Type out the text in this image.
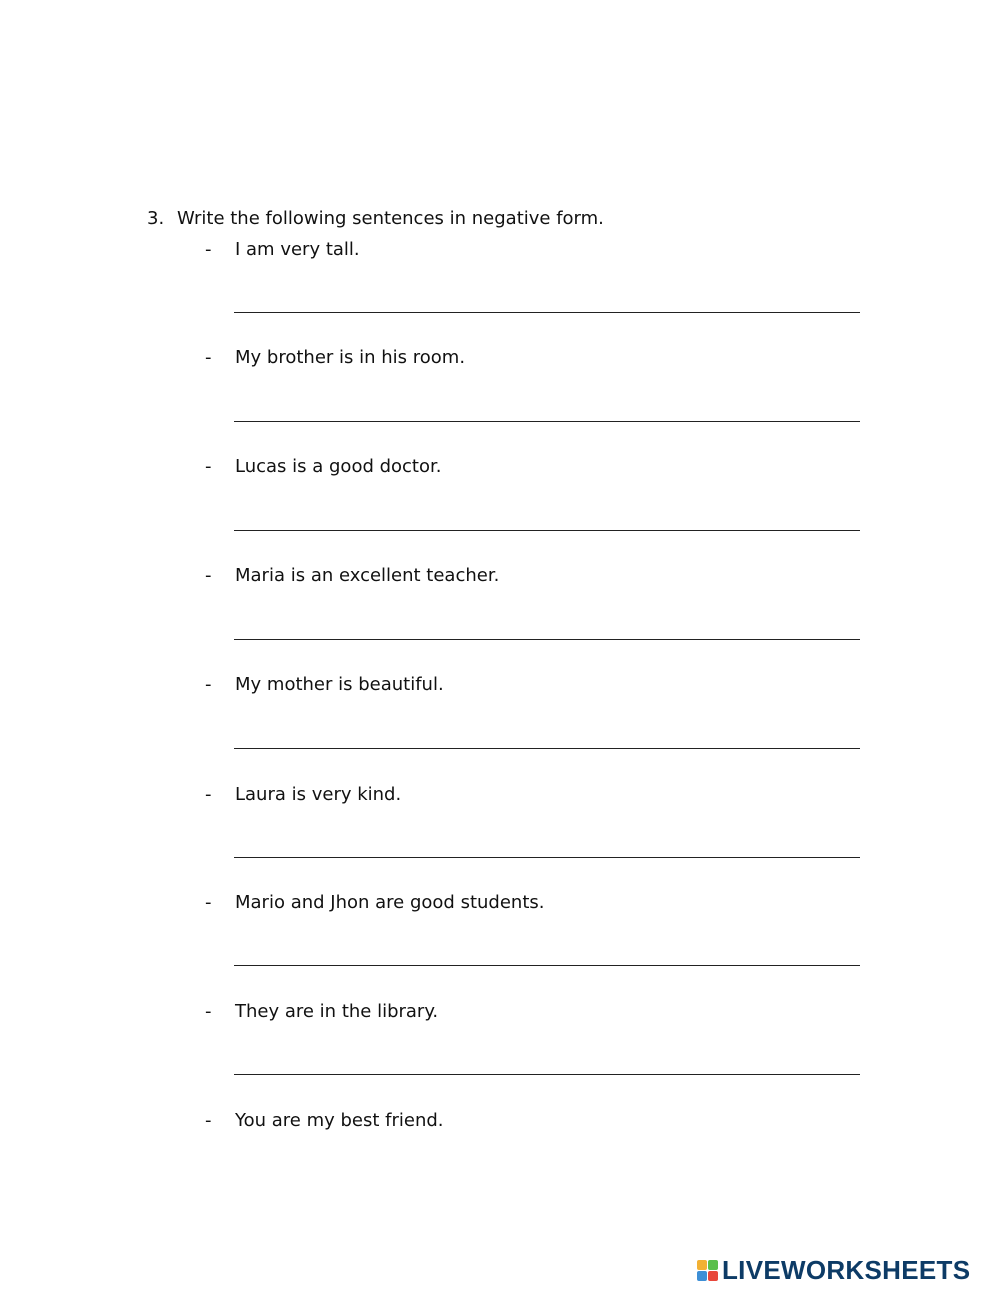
3. Write the following sentences in negative form.
- I am very tall.
- My brother is in his room.
- Lucas is a good doctor.
- Maria is an excellent teacher.
- My mother is beautiful.
- Laura is very kind.
- Mario and Jhon are good students.
- They are in the library.
- You are my best friend.
LIVEWORKSHEETS
